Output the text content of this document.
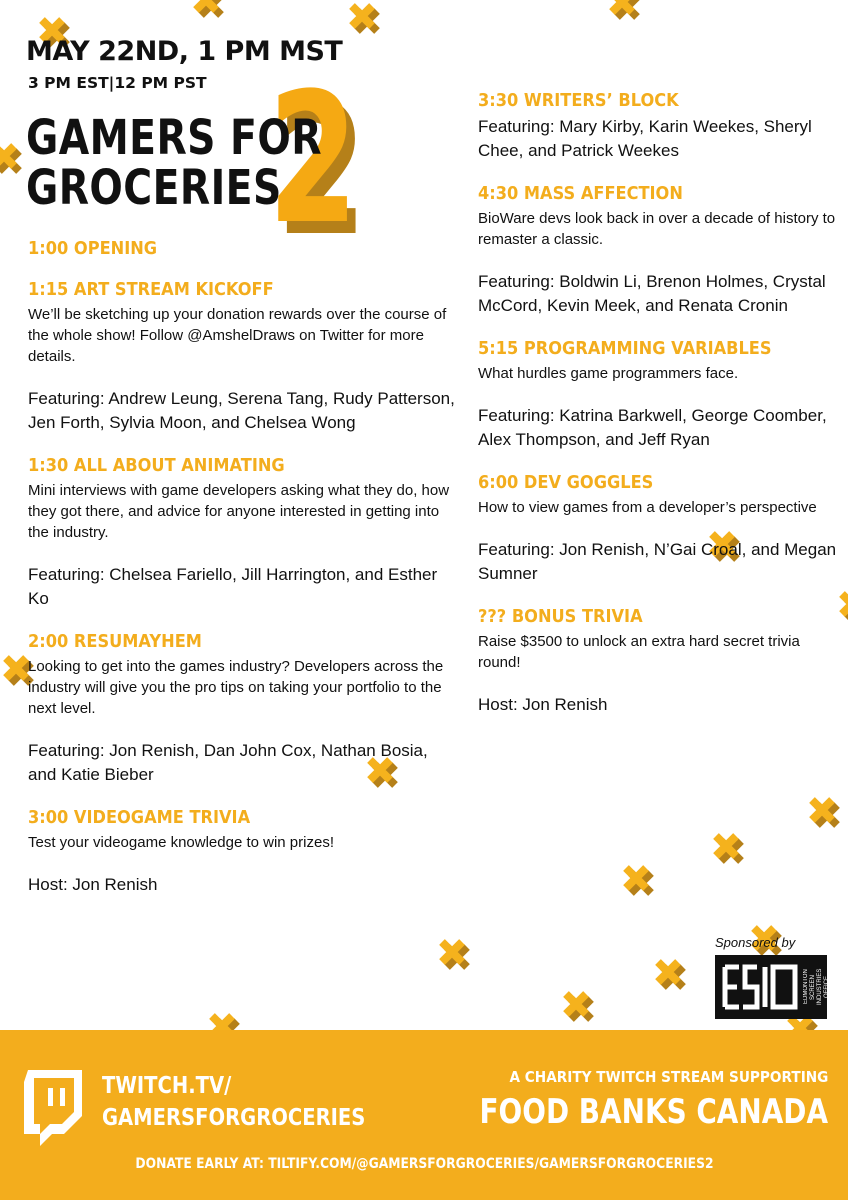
MAY 22ND, 1 PM MST
3 PM EST|12 PM PST 2
GAMERS FOR
GROCERIES
1:00 OPENING
1:15 ART STREAM KICKOFF
We’ll be sketching up your donation rewards over the course of the whole show! Follow @AmshelDraws on Twitter for more details.
Featuring: Andrew Leung, Serena Tang, Rudy Patterson, Jen Forth, Sylvia Moon, and Chelsea Wong
1:30 ALL ABOUT ANIMATING
Mini interviews with game developers asking what they do, how they got there, and advice for anyone interested in getting into the industry.
Featuring: Chelsea Fariello, Jill Harrington, and Esther Ko
2:00 RESUMAYHEM
Looking to get into the games industry? Developers across the industry will give you the pro tips on taking your portfolio to the next level.
Featuring: Jon Renish, Dan John Cox, Nathan Bosia, and Katie Bieber
3:00 VIDEOGAME TRIVIA
Test your videogame knowledge to win prizes!
Host: Jon Renish
3:30 WRITERS’ BLOCK
Featuring: Mary Kirby, Karin Weekes, Sheryl Chee, and Patrick Weekes
4:30 MASS AFFECTION
BioWare devs look back in over a decade of history to remaster a classic.
Featuring: Boldwin Li, Brenon Holmes, Crystal McCord, Kevin Meek, and Renata Cronin
5:15 PROGRAMMING VARIABLES
What hurdles game programmers face.
Featuring: Katrina Barkwell, George Coomber, Alex Thompson, and Jeff Ryan
6:00 DEV GOGGLES
How to view games from a developer’s perspective
Featuring: Jon Renish, N’Gai Croal, and Megan Sumner
??? BONUS TRIVIA
Raise $3500 to unlock an extra hard secret trivia round!
Host: Jon Renish
Sponsored by
EDMONTON SCREEN INDUSTRIES OFFICE
TWITCH.TV/
GAMERSFORGROCERIES
A CHARITY TWITCH STREAM SUPPORTING
FOOD BANKS CANADA
DONATE EARLY AT: TILTIFY.COM/@GAMERSFORGROCERIES/GAMERSFORGROCERIES2
